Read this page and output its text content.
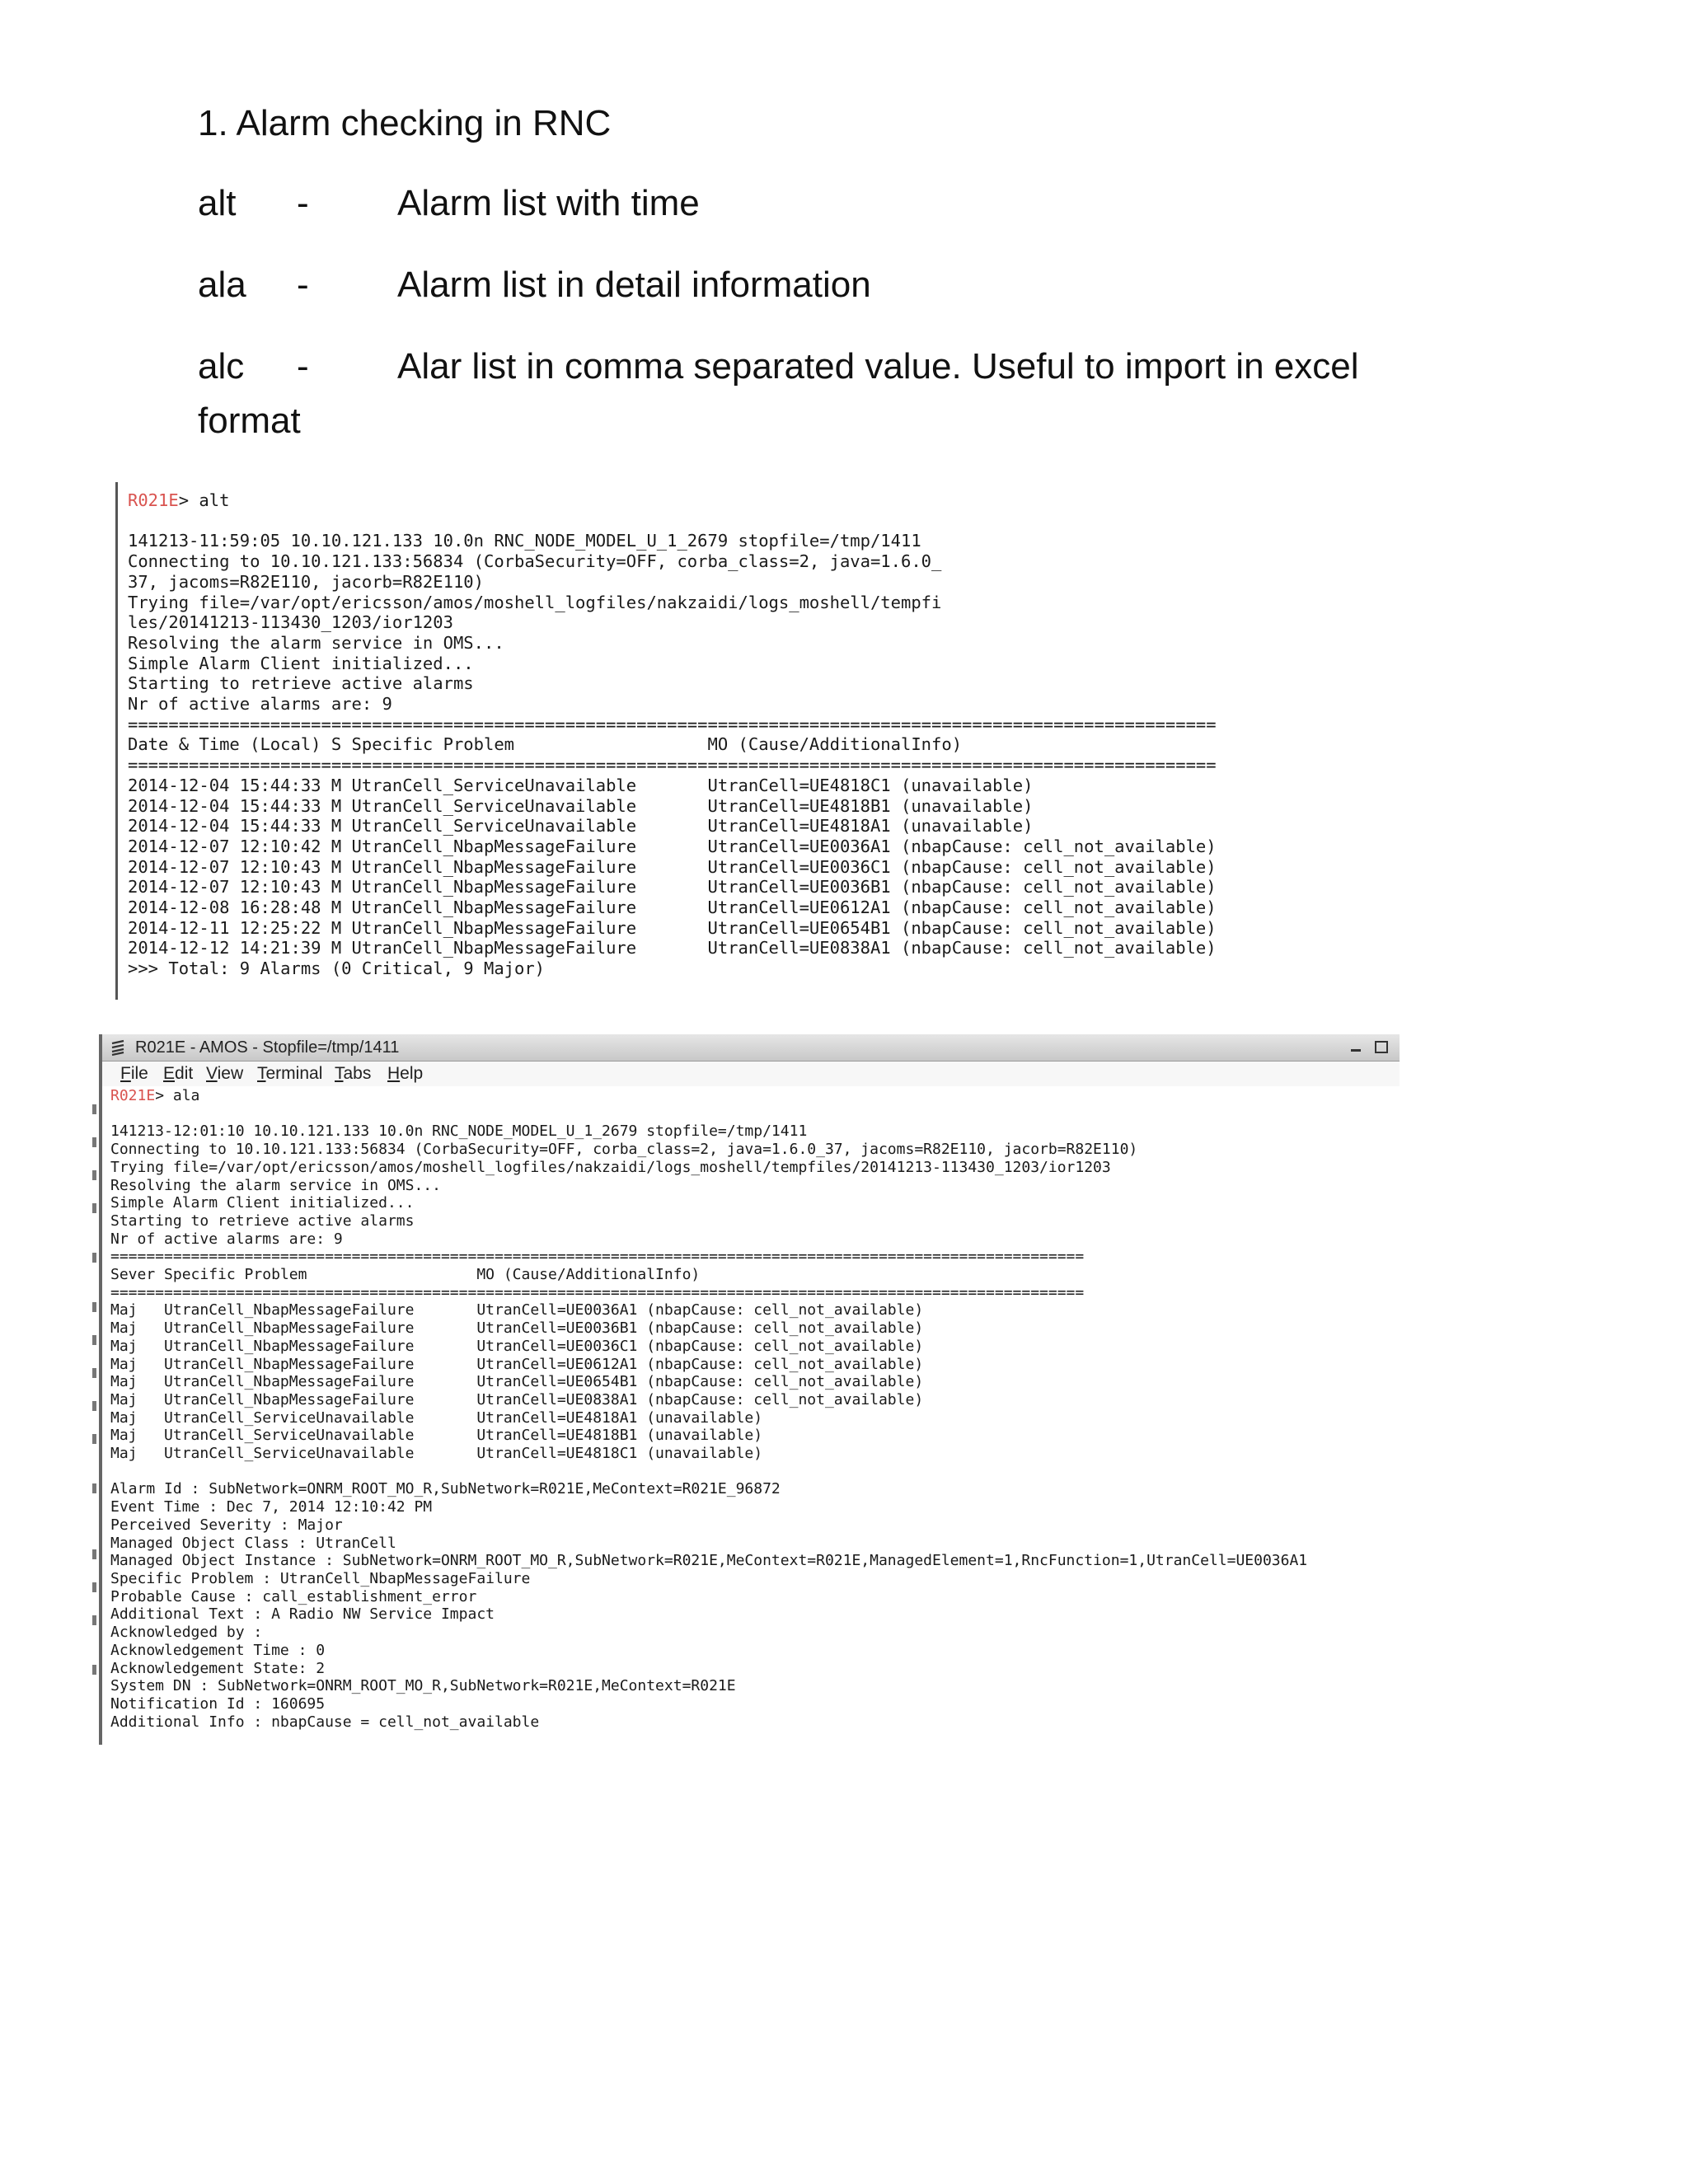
1. Alarm checking in RNC
alt - Alarm list with time
ala - Alarm list in detail information
alc - Alar list in comma separated value. Useful to import in excel
format
R021E> alt

141213-11:59:05 10.10.121.133 10.0n RNC_NODE_MODEL_U_1_2679 stopfile=/tmp/1411
Connecting to 10.10.121.133:56834 (CorbaSecurity=OFF, corba_class=2, java=1.6.0_
37, jacoms=R82E110, jacorb=R82E110)
Trying file=/var/opt/ericsson/amos/moshell_logfiles/nakzaidi/logs_moshell/tempfi
les/20141213-113430_1203/ior1203
Resolving the alarm service in OMS...
Simple Alarm Client initialized...
Starting to retrieve active alarms
Nr of active alarms are: 9
===========================================================================================================
Date & Time (Local) S Specific Problem                   MO (Cause/AdditionalInfo)
===========================================================================================================
2014-12-04 15:44:33 M UtranCell_ServiceUnavailable       UtranCell=UE4818C1 (unavailable)
2014-12-04 15:44:33 M UtranCell_ServiceUnavailable       UtranCell=UE4818B1 (unavailable)
2014-12-04 15:44:33 M UtranCell_ServiceUnavailable       UtranCell=UE4818A1 (unavailable)
2014-12-07 12:10:42 M UtranCell_NbapMessageFailure       UtranCell=UE0036A1 (nbapCause: cell_not_available)
2014-12-07 12:10:43 M UtranCell_NbapMessageFailure       UtranCell=UE0036C1 (nbapCause: cell_not_available)
2014-12-07 12:10:43 M UtranCell_NbapMessageFailure       UtranCell=UE0036B1 (nbapCause: cell_not_available)
2014-12-08 16:28:48 M UtranCell_NbapMessageFailure       UtranCell=UE0612A1 (nbapCause: cell_not_available)
2014-12-11 12:25:22 M UtranCell_NbapMessageFailure       UtranCell=UE0654B1 (nbapCause: cell_not_available)
2014-12-12 14:21:39 M UtranCell_NbapMessageFailure       UtranCell=UE0838A1 (nbapCause: cell_not_available)
>>> Total: 9 Alarms (0 Critical, 9 Major)
R021E - AMOS - Stopfile=/tmp/1411
File Edit View Terminal Tabs Help
R021E> ala

141213-12:01:10 10.10.121.133 10.0n RNC_NODE_MODEL_U_1_2679 stopfile=/tmp/1411
Connecting to 10.10.121.133:56834 (CorbaSecurity=OFF, corba_class=2, java=1.6.0_37, jacoms=R82E110, jacorb=R82E110)
Trying file=/var/opt/ericsson/amos/moshell_logfiles/nakzaidi/logs_moshell/tempfiles/20141213-113430_1203/ior1203
Resolving the alarm service in OMS...
Simple Alarm Client initialized...
Starting to retrieve active alarms
Nr of active alarms are: 9
=============================================================================================================
Sever Specific Problem                   MO (Cause/AdditionalInfo)
=============================================================================================================
Maj   UtranCell_NbapMessageFailure       UtranCell=UE0036A1 (nbapCause: cell_not_available)
Maj   UtranCell_NbapMessageFailure       UtranCell=UE0036B1 (nbapCause: cell_not_available)
Maj   UtranCell_NbapMessageFailure       UtranCell=UE0036C1 (nbapCause: cell_not_available)
Maj   UtranCell_NbapMessageFailure       UtranCell=UE0612A1 (nbapCause: cell_not_available)
Maj   UtranCell_NbapMessageFailure       UtranCell=UE0654B1 (nbapCause: cell_not_available)
Maj   UtranCell_NbapMessageFailure       UtranCell=UE0838A1 (nbapCause: cell_not_available)
Maj   UtranCell_ServiceUnavailable       UtranCell=UE4818A1 (unavailable)
Maj   UtranCell_ServiceUnavailable       UtranCell=UE4818B1 (unavailable)
Maj   UtranCell_ServiceUnavailable       UtranCell=UE4818C1 (unavailable)

Alarm Id : SubNetwork=ONRM_ROOT_MO_R,SubNetwork=R021E,MeContext=R021E_96872
Event Time : Dec 7, 2014 12:10:42 PM
Perceived Severity : Major
Managed Object Class : UtranCell
Managed Object Instance : SubNetwork=ONRM_ROOT_MO_R,SubNetwork=R021E,MeContext=R021E,ManagedElement=1,RncFunction=1,UtranCell=UE0036A1
Specific Problem : UtranCell_NbapMessageFailure
Probable Cause : call_establishment_error
Additional Text : A Radio NW Service Impact
Acknowledged by :
Acknowledgement Time : 0
Acknowledgement State: 2
System DN : SubNetwork=ONRM_ROOT_MO_R,SubNetwork=R021E,MeContext=R021E
Notification Id : 160695
Additional Info : nbapCause = cell_not_available
